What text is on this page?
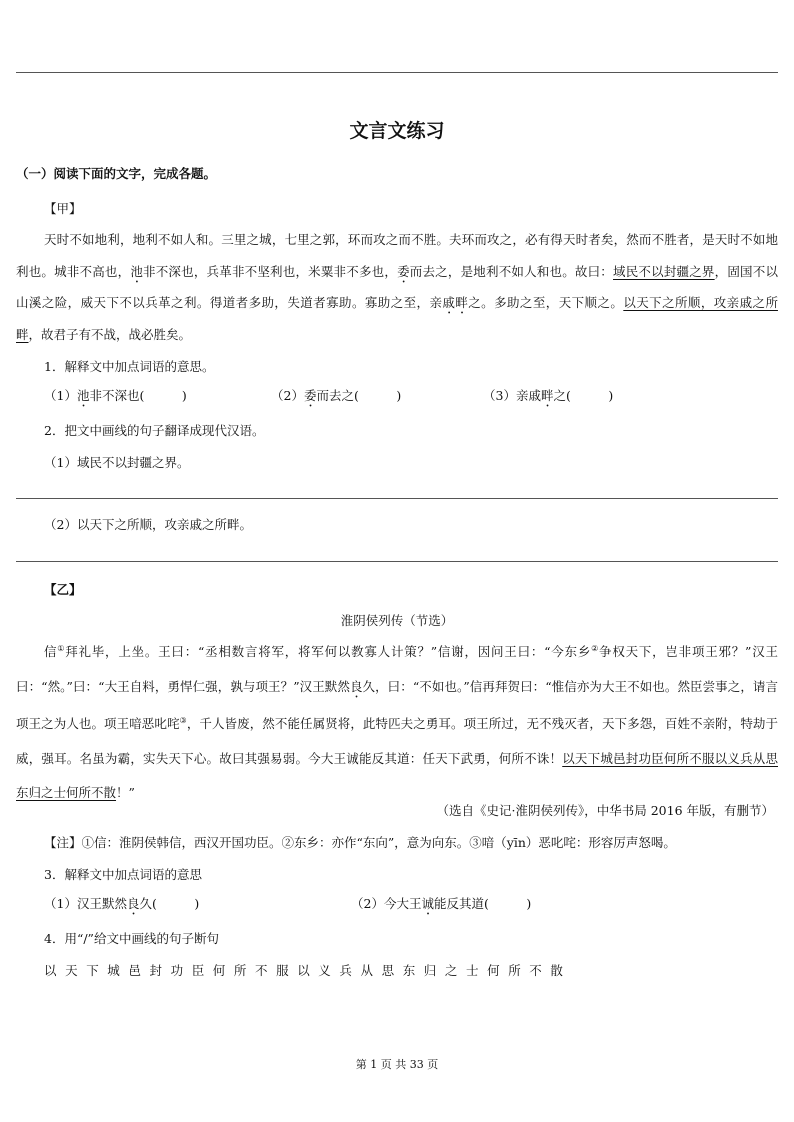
文言文练习
（一）阅读下面的文字，完成各题。
【甲】
天时不如地利，地利不如人和。三里之城，七里之郭，环而攻之而不胜。夫环而攻之，必有得天时者矣，然而不胜者，是天时不如地利也。城非不高也，池非不深也，兵革非不坚利也，米粟非不多也，委而去之，是地利不如人和也。故曰：域民不以封疆之界，固国不以山溪之险，威天下不以兵革之利。得道者多助，失道者寡助。寡助之至，亲戚畔之。多助之至，天下顺之。以天下之所顺，攻亲戚之所畔，故君子有不战，战必胜矣。
1．解释文中加点词语的意思。
（1）池非不深也(　　　)	（2）委而去之(　　　)	（3）亲戚畔之(　　　)
2．把文中画线的句子翻译成现代汉语。
（1）域民不以封疆之界。
（2）以天下之所顺，攻亲戚之所畔。
【乙】
淮阴侯列传（节选）
信①拜礼毕，上坐。王曰：“丞相数言将军，将军何以教寡人计策？”信谢，因问王曰：“今东乡②争权天下，岂非项王邪？”汉王曰：“然。”曰：“大王自料，勇悍仁强，孰与项王？”汉王默然良久，曰：“不如也。”信再拜贺曰：“惟信亦为大王不如也。然臣尝事之，请言项王之为人也。项王喑恶叱咤③，千人皆废，然不能任属贤将，此特匹夫之勇耳。项王所过，无不残灭者，天下多怨，百姓不亲附，特劫于威，强耳。名虽为霸，实失天下心。故曰其强易弱。今大王诚能反其道：任天下武勇，何所不诛！以天下城邑封功臣何所不服以义兵从思东归之士何所不散！”
（选自《史记·淮阴侯列传》，中华书局 2016 年版，有删节）
【注】①信：淮阴侯韩信，西汉开国功臣。②东乡：亦作“东向”，意为向东。③喑（yīn）恶叱咤：形容厉声怒喝。
3．解释文中加点词语的意思
（1）汉王默然良久(　　　)	（2）今大王诚能反其道(　　　)
4．用“/”给文中画线的句子断句
以天下城邑封功臣何所不服以义兵从思东归之士何所不散
第 1 页 共 33 页
